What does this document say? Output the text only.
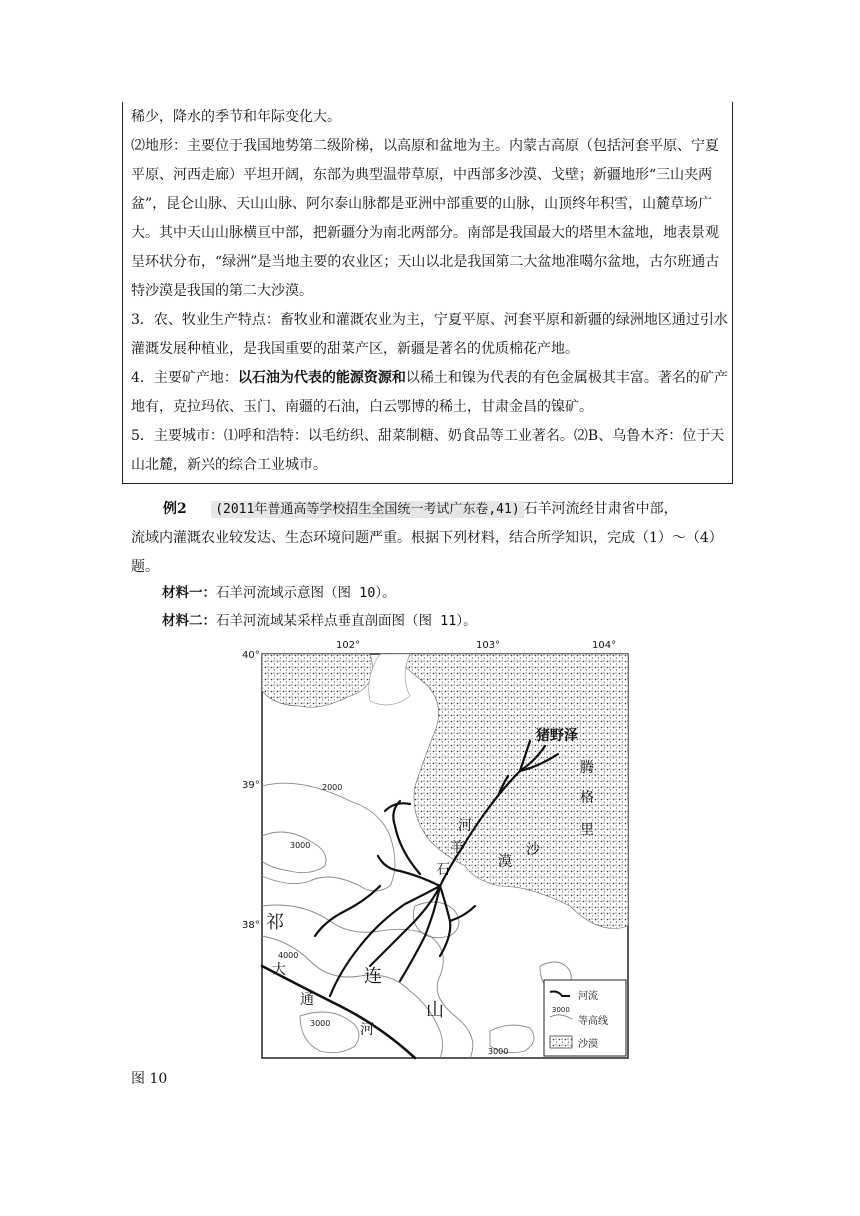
稀少，降水的季节和年际变化大。

⑵地形：主要位于我国地势第二级阶梯，以高原和盆地为主。内蒙古高原（包括河套平原、宁夏平原、河西走廊）平坦开阔，东部为典型温带草原，中西部多沙漠、戈壁；新疆地形“三山夹两盆”，昆仑山脉、天山山脉、阿尔泰山脉都是亚洲中部重要的山脉，山顶终年积雪，山麓草场广大。其中天山山脉横亘中部，把新疆分为南北两部分。南部是我国最大的塔里木盆地，地表景观呈环状分布，“绿洲”是当地主要的农业区；天山以北是我国第二大盆地准噶尔盆地，古尔班通古特沙漠是我国的第二大沙漠。

3．农、牧业生产特点：畜牧业和灌溉农业为主，宁夏平原、河套平原和新疆的绿洲地区通过引水灌溉发展种植业，是我国重要的甜菜产区，新疆是著名的优质棉花产地。

4．主要矿产地：以石油为代表的能源资源和以稀土和镍为代表的有色金属极其丰富。著名的矿产地有，克拉玛依、玉门、南疆的石油，白云鄂博的稀土，甘肃金昌的镍矿。

5．主要城市：⑴呼和浩特：以毛纺织、甜菜制糖、奶食品等工业著名。⑵B、乌鲁木齐：位于天山北麓，新兴的综合工业城市。

例2 (2011年普通高等学校招生全国统一考试广东卷,41) 石羊河流经甘肃省中部，
流域内灌溉农业较发达、生态环境问题严重。根据下列材料，结合所学知识，完成（1）～（4）题。
材料一：石羊河流域示意图（图 10）。
材料二：石羊河流域某采样点垂直剖面图（图 11）。
102°	103°	104°
40°
39°
38°
2000
3000
4000
3000
3000
猪野泽
腾
格
里
沙
漠
河
羊
石
祁
连
山
大
通
河
河流
等高线
沙漠
3000
图 10
